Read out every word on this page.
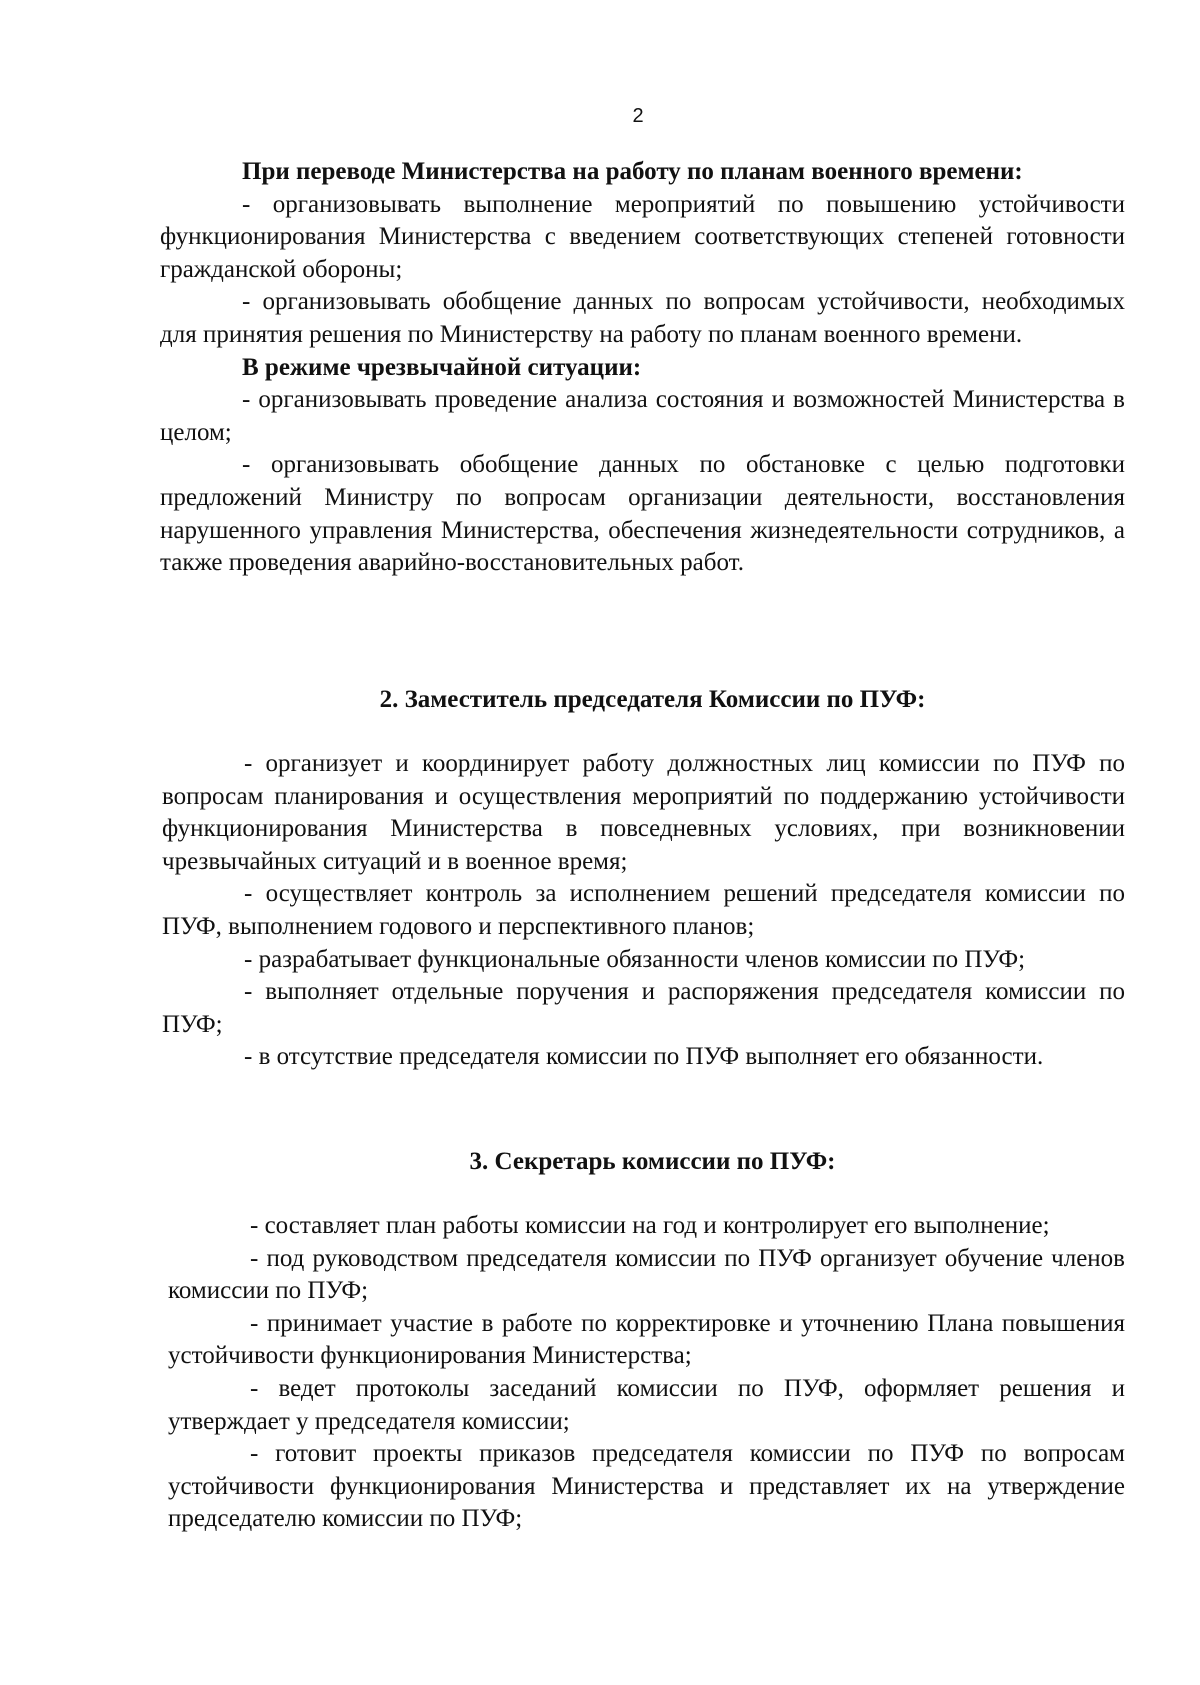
2

При переводе Министерства на работу по планам военного времени:

- организовывать выполнение мероприятий по повышению устойчивости функционирования Министерства с введением соответствующих степеней готовности гражданской обороны;

- организовывать обобщение данных по вопросам устойчивости, необходимых для принятия решения по Министерству на работу по планам военного времени.

В режиме чрезвычайной ситуации:

- организовывать проведение анализа состояния и возможностей Министерства в целом;

- организовывать обобщение данных по обстановке с целью подготовки предложений Министру по вопросам организации деятельности, восстановления нарушенного управления Министерства, обеспечения жизнедеятельности сотрудников, а также проведения аварийно-восстановительных работ.

2. Заместитель председателя Комиссии по ПУФ:

- организует и координирует работу должностных лиц комиссии по ПУФ по вопросам планирования и осуществления мероприятий по поддержанию устойчивости функционирования Министерства в повседневных условиях, при возникновении чрезвычайных ситуаций и в военное время;

- осуществляет контроль за исполнением решений председателя комиссии по ПУФ, выполнением годового и перспективного планов;

- разрабатывает функциональные обязанности членов комиссии по ПУФ;

- выполняет отдельные поручения и распоряжения председателя комиссии по ПУФ;

- в отсутствие председателя комиссии по ПУФ выполняет его обязанности.

3. Секретарь комиссии по ПУФ:

- составляет план работы комиссии на год и контролирует его выполнение;

- под руководством председателя комиссии по ПУФ организует обучение членов комиссии по ПУФ;

- принимает участие в работе по корректировке и уточнению Плана повышения устойчивости функционирования Министерства;

- ведет протоколы заседаний комиссии по ПУФ, оформляет решения и утверждает у председателя комиссии;

- готовит проекты приказов председателя комиссии по ПУФ по вопросам устойчивости функционирования Министерства и представляет их на утверждение председателю комиссии по ПУФ;
